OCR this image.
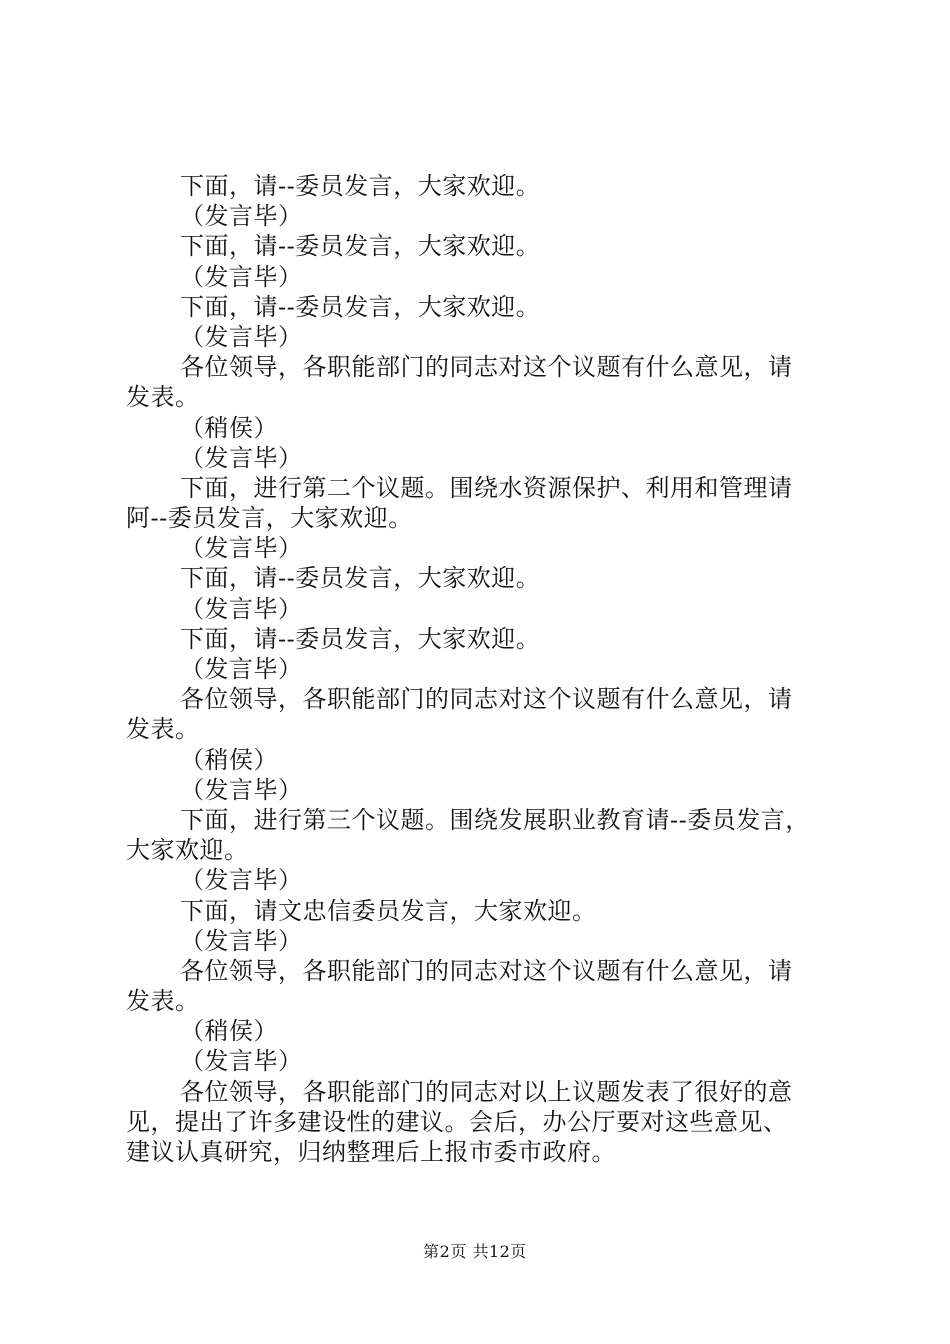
下面，请--委员发言，大家欢迎。
（发言毕）
下面，请--委员发言，大家欢迎。
（发言毕）
下面，请--委员发言，大家欢迎。
（发言毕）
各位领导，各职能部门的同志对这个议题有什么意见，请
发表。
（稍侯）
（发言毕）
下面，进行第二个议题。围绕水资源保护、利用和管理请
阿--委员发言，大家欢迎。
（发言毕）
下面，请--委员发言，大家欢迎。
（发言毕）
下面，请--委员发言，大家欢迎。
（发言毕）
各位领导，各职能部门的同志对这个议题有什么意见，请
发表。
（稍侯）
（发言毕）
下面，进行第三个议题。围绕发展职业教育请--委员发言，
大家欢迎。
（发言毕）
下面，请文忠信委员发言，大家欢迎。
（发言毕）
各位领导，各职能部门的同志对这个议题有什么意见，请
发表。
（稍侯）
（发言毕）
各位领导，各职能部门的同志对以上议题发表了很好的意
见，提出了许多建设性的建议。会后，办公厅要对这些意见、
建议认真研究，归纳整理后上报市委市政府。
第2页 共12页
